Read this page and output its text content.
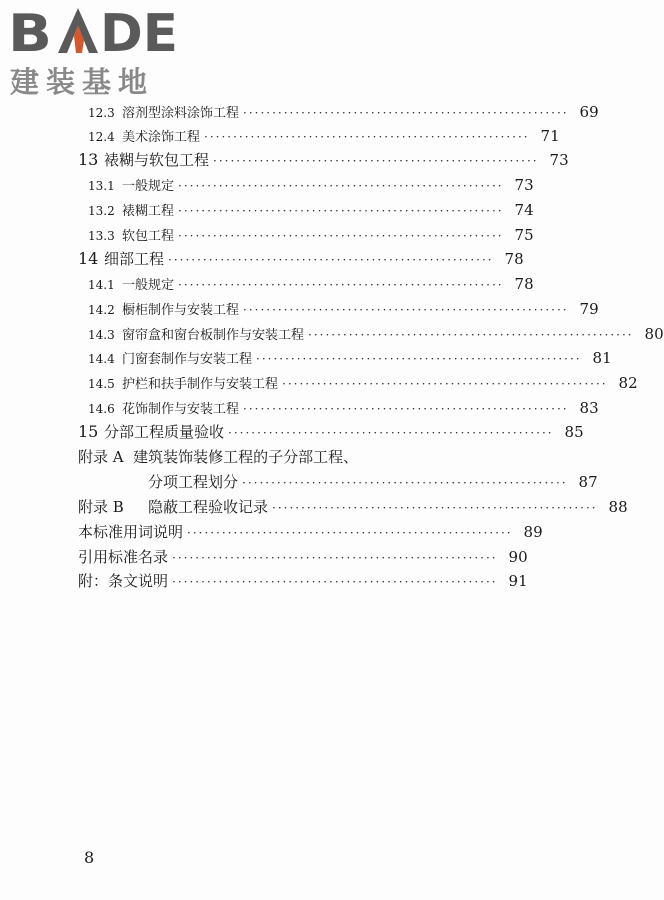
B DE
建装基地
12.3 溶剂型涂料涂饰工程 ························································ 69
12.4 美术涂饰工程 ························································ 71
13 裱糊与软包工程 ························································ 73
13.1 一般规定 ························································ 73
13.2 裱糊工程 ························································ 74
13.3 软包工程 ························································ 75
14 细部工程 ························································ 78
14.1 一般规定 ························································ 78
14.2 橱柜制作与安装工程 ························································ 79
14.3 窗帘盒和窗台板制作与安装工程 ························································ 80
14.4 门窗套制作与安装工程 ························································ 81
14.5 护栏和扶手制作与安装工程 ························································ 82
14.6 花饰制作与安装工程 ························································ 83
15 分部工程质量验收 ························································ 85
附录 A 建筑装饰装修工程的子分部工程、
分项工程划分 ························································ 87
附录 B	隐蔽工程验收记录 ························································ 88
本标准用词说明 ························································ 89
引用标准名录 ························································ 90
附：条文说明 ························································ 91
8
